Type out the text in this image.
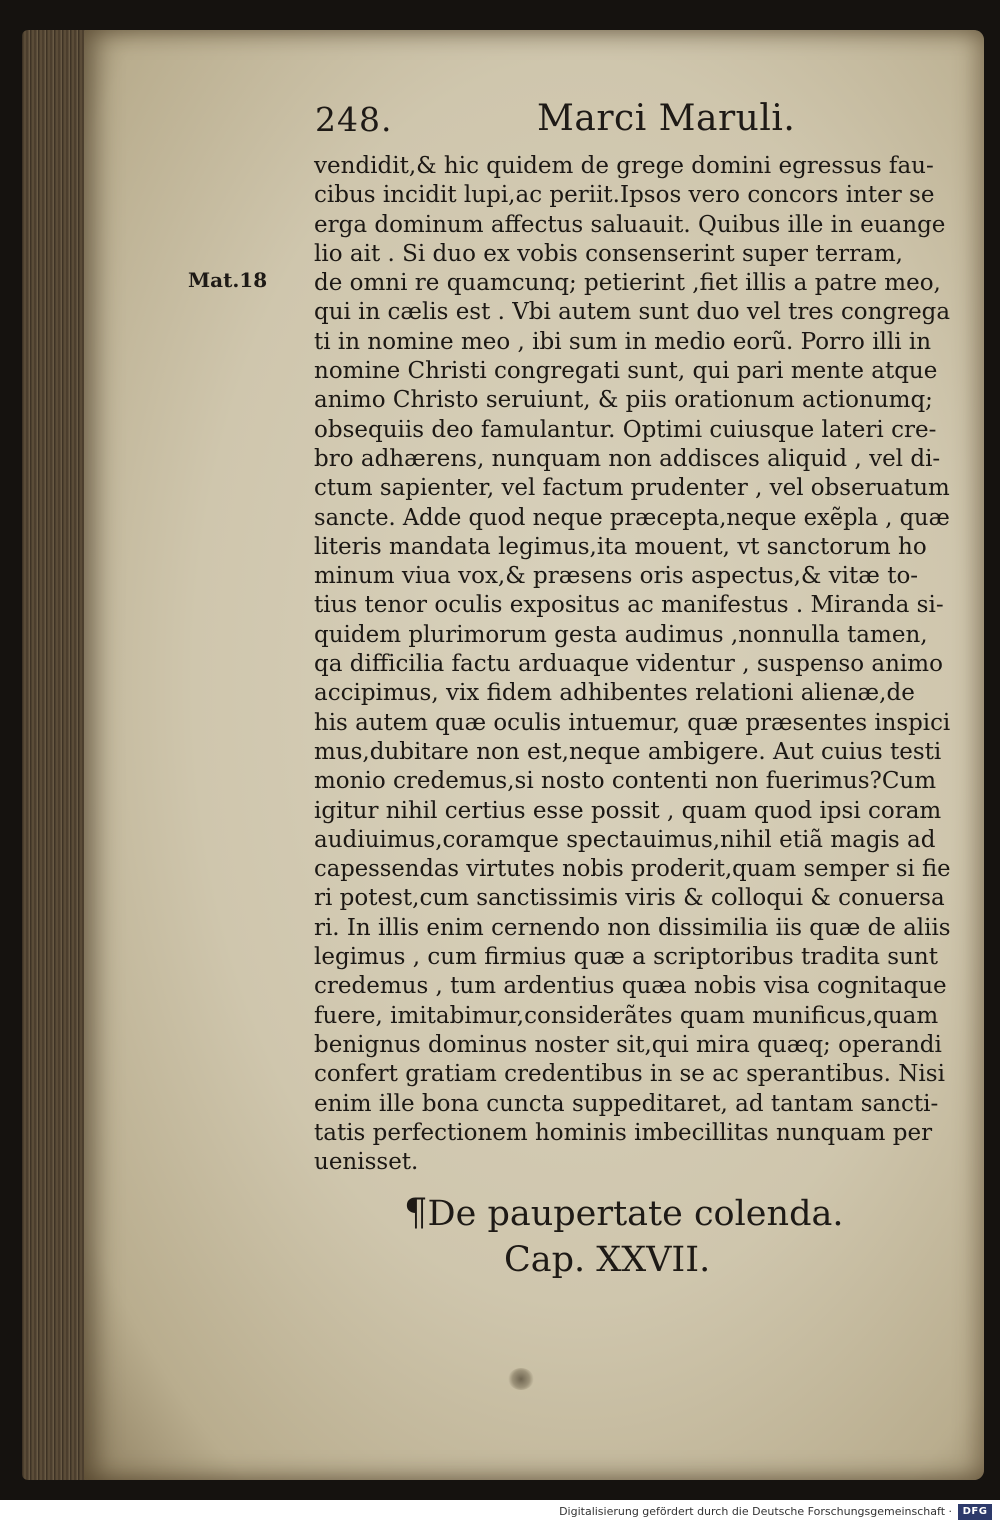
248.	Marci Maruli.
Mat.18
vendidit,& hic quidem de grege domini egressus fau-
cibus incidit lupi,ac periit.Ipsos vero concors inter se
erga dominum affectus saluauit. Quibus ille in euange
lio ait . Si duo ex vobis consenserint super terram,
de omni re quamcunq; petierint ,fiet illis a patre meo,
qui in cælis est . Vbi autem sunt duo vel tres congrega
ti in nomine meo , ibi sum in medio eorũ. Porro illi in
nomine Christi congregati sunt, qui pari mente atque
animo Christo seruiunt, & piis orationum actionumq;
obsequiis deo famulantur. Optimi cuiusque lateri cre-
bro adhærens, nunquam non addisces aliquid , vel di-
ctum sapienter, vel factum prudenter , vel obseruatum
sancte. Adde quod neque præcepta,neque exẽpla , quæ
literis mandata legimus,ita mouent, vt sanctorum ho
minum viua vox,& præsens oris aspectus,& vitæ to-
tius tenor oculis expositus ac manifestus . Miranda si-
quidem plurimorum gesta audimus ,nonnulla tamen,
qa difficilia factu arduaque videntur , suspenso animo
accipimus, vix fidem adhibentes relationi alienæ,de
his autem quæ oculis intuemur, quæ præsentes inspici
mus,dubitare non est,neque ambigere. Aut cuius testi
monio credemus,si nosto contenti non fuerimus?Cum
igitur nihil certius esse possit , quam quod ipsi coram
audiuimus,coramque spectauimus,nihil etiã magis ad
capessendas virtutes nobis proderit,quam semper si fie
ri potest,cum sanctissimis viris & colloqui & conuersa
ri. In illis enim cernendo non dissimilia iis quæ de aliis
legimus , cum firmius quæ a scriptoribus tradita sunt
credemus , tum ardentius quæa nobis visa cognitaque
fuere, imitabimur,considerãtes quam munificus,quam
benignus dominus noster sit,qui mira quæq; operandi
confert gratiam credentibus in se ac sperantibus. Nisi
enim ille bona cuncta suppeditaret, ad tantam sancti-
tatis perfectionem hominis imbecillitas nunquam per
uenisset.
¶De paupertate colenda.
Cap. XXVII.
Digitalisierung gefördert durch die Deutsche Forschungsgemeinschaft ·	DFG
